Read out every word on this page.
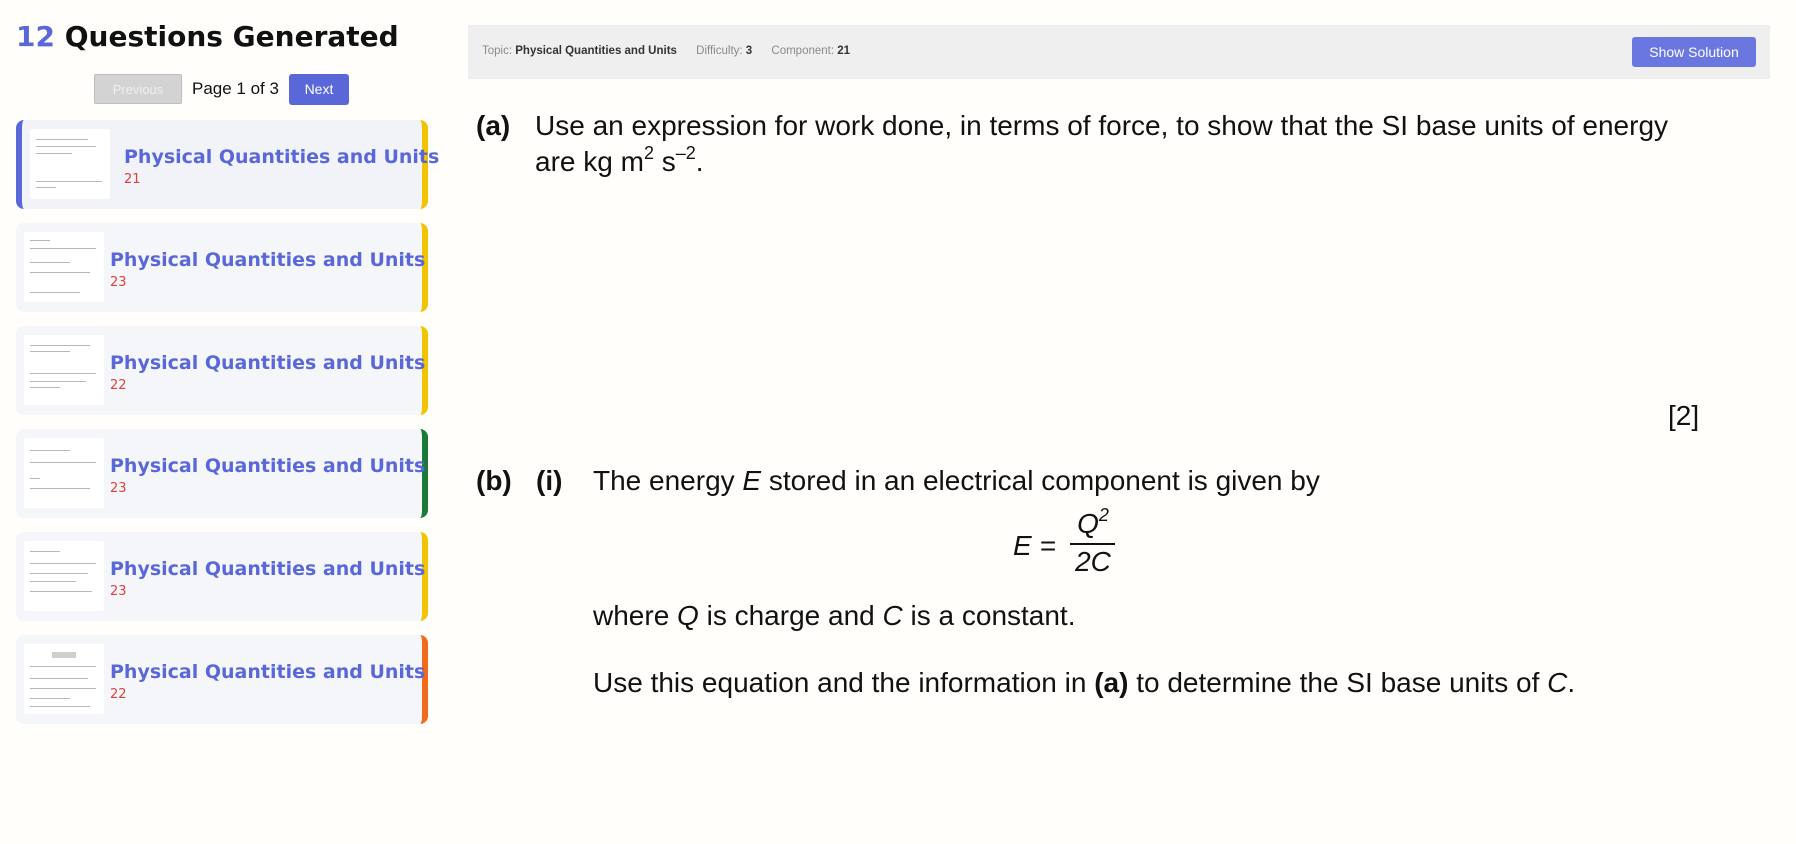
12 Questions Generated
Previous	Page 1 of 3	Next
Physical Quantities and Units
21
Physical Quantities and Units
23
Physical Quantities and Units
22
Physical Quantities and Units
23
Physical Quantities and Units
23
Physical Quantities and Units
22
Topic: Physical Quantities and Units Difficulty: 3 Component: 21	Show Solution
(a) Use an expression for work done, in terms of force, to show that the SI base units of energy
are kg $m^2$ $s^{-2}$.
[2]
(b) (i) The energy E stored in an electrical component is given by
E =
$Q^2$
2C
where Q is charge and C is a constant.
Use this equation and the information in (a) to determine the SI base units of C.
